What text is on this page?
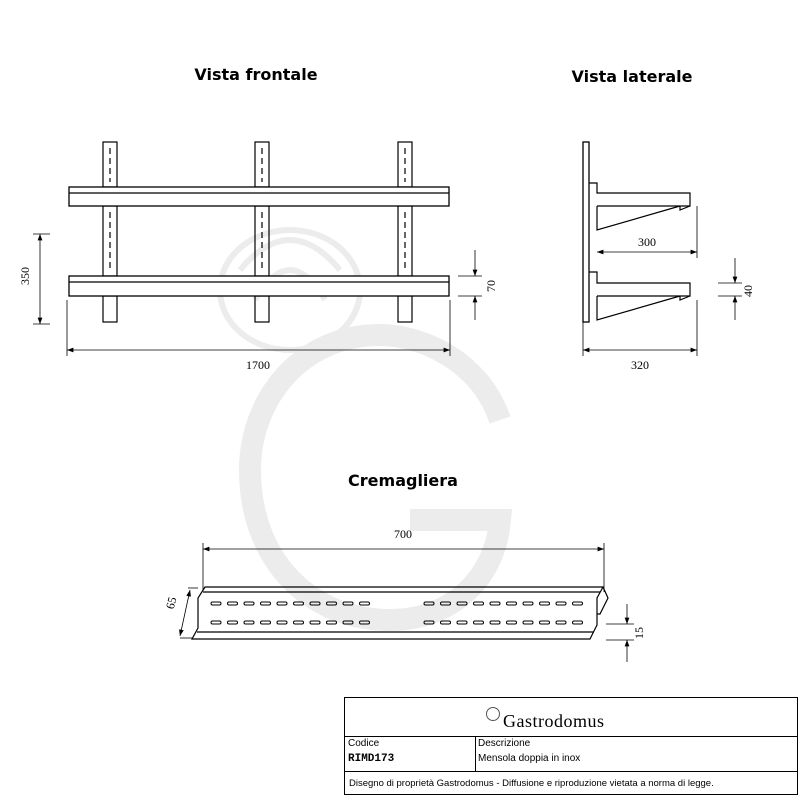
Vista frontale	Vista laterale
Cremagliera
350
1700
70
300
320
40
700
65
15
Gastrodomus
Codice
RIMD173
Descrizione
Mensola doppia in inox
Disegno di proprietà Gastrodomus - Diffusione e riproduzione vietata a norma di legge.
